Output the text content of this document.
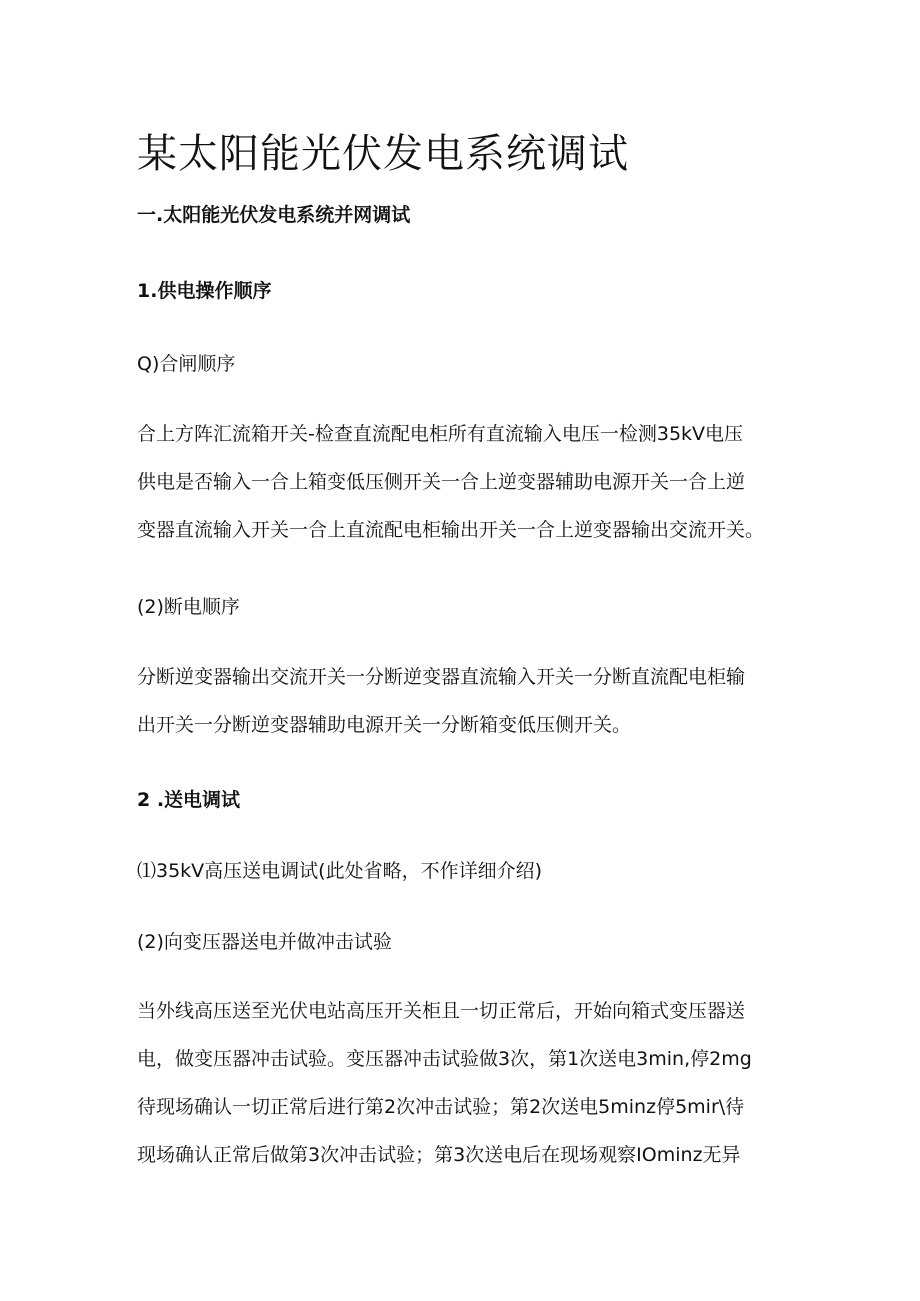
某太阳能光伏发电系统调试
一.太阳能光伏发电系统并网调试
1.供电操作顺序

Q)合闸顺序

合上方阵汇流箱开关-检查直流配电柜所有直流输入电压一检测35kV电压
供电是否输入一合上箱变低压侧开关一合上逆变器辅助电源开关一合上逆
变器直流输入开关一合上直流配电柜输出开关一合上逆变器输出交流开关。

(2)断电顺序

分断逆变器输出交流开关一分断逆变器直流输入开关一分断直流配电柜输
出开关一分断逆变器辅助电源开关一分断箱变低压侧开关。
2 .送电调试

⑴35kV高压送电调试(此处省略，不作详细介绍)

(2)向变压器送电并做冲击试验

当外线高压送至光伏电站高压开关柜且一切正常后，开始向箱式变压器送
电，做变压器冲击试验。变压器冲击试验做3次，第1次送电3min,停2mg
待现场确认一切正常后进行第2次冲击试验；第2次送电5minz停5mir\待
现场确认正常后做第3次冲击试验；第3次送电后在现场观察IOminz无异
